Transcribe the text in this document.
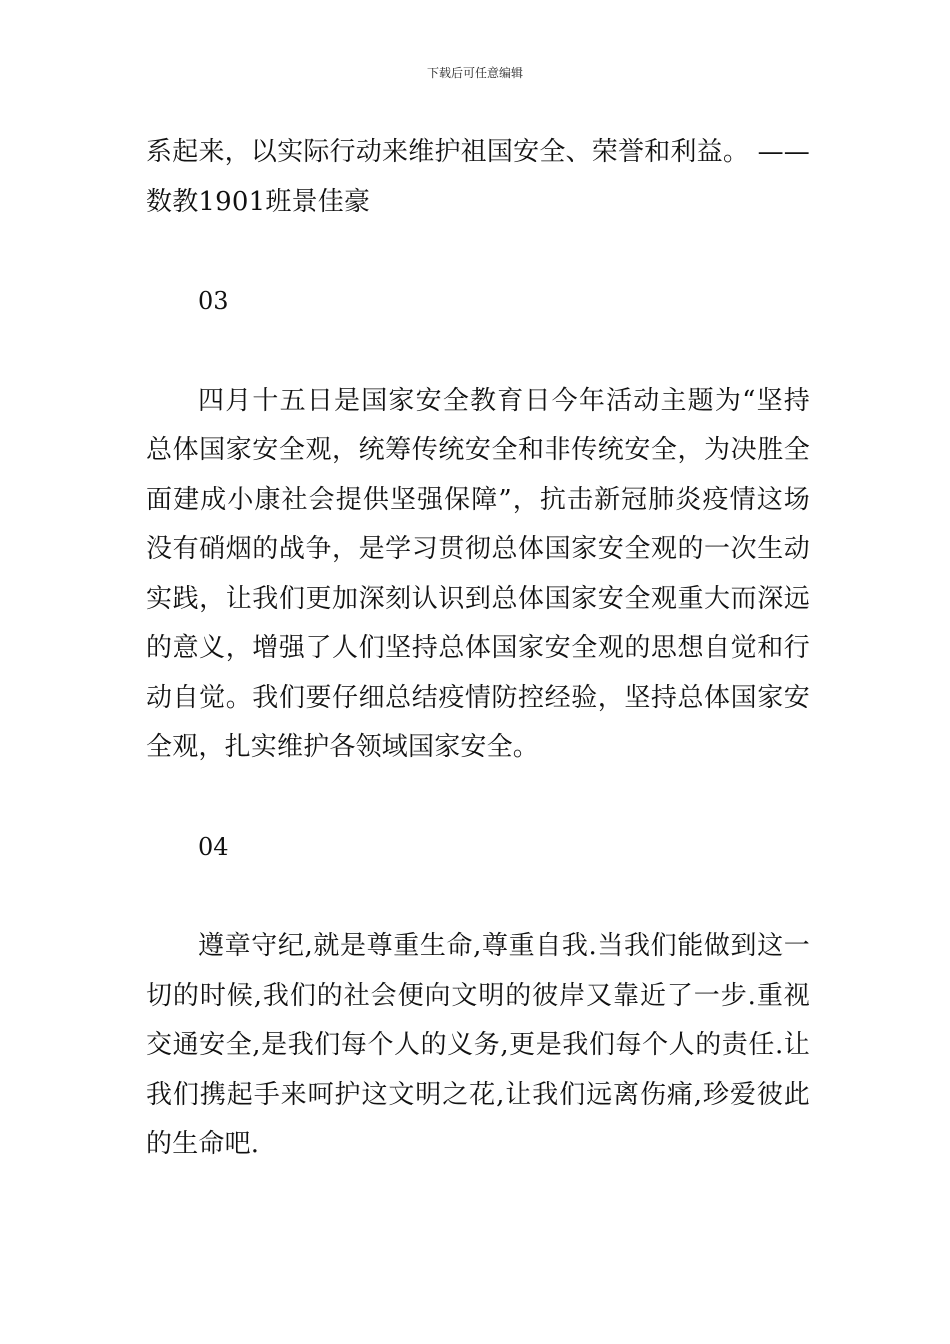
下载后可任意编辑

系起来，以实际行动来维护祖国安全、荣誉和利益。 ——数教1901班景佳豪

03

四月十五日是国家安全教育日今年活动主题为“坚持总体国家安全观，统筹传统安全和非传统安全，为决胜全面建成小康社会提供坚强保障”，抗击新冠肺炎疫情这场没有硝烟的战争，是学习贯彻总体国家安全观的一次生动实践，让我们更加深刻认识到总体国家安全观重大而深远的意义，增强了人们坚持总体国家安全观的思想自觉和行动自觉。我们要仔细总结疫情防控经验，坚持总体国家安全观，扎实维护各领域国家安全。

04

遵章守纪,就是尊重生命,尊重自我.当我们能做到这一切的时候,我们的社会便向文明的彼岸又靠近了一步.重视交通安全,是我们每个人的义务,更是我们每个人的责任.让我们携起手来呵护这文明之花,让我们远离伤痛,珍爱彼此的生命吧.
